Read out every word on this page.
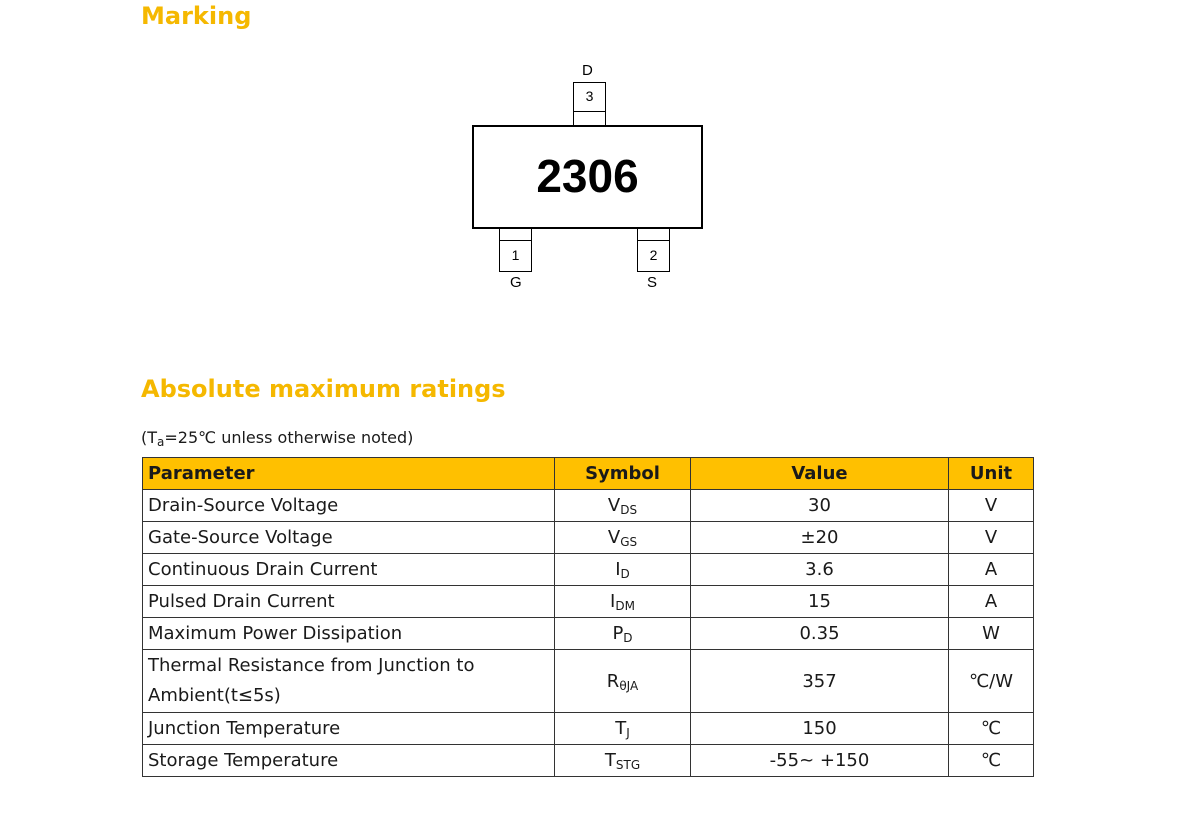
Marking
D
3
2306
1
G
2
S
Absolute maximum ratings
($T_a=25℃$ unless otherwise noted)
Parameter	Symbol	Value	Unit
Drain-Source Voltage	$V_{DS}$	30	V
Gate-Source Voltage	$V_{GS}$	±20	V
Continuous Drain Current	$I_D$	3.6	A
Pulsed Drain Current	$I_{DM}$	15	A
Maximum Power Dissipation	$P_D$	0.35	W

Thermal Resistance from Junction to
Ambient(t≤5s)	$R_{\theta JA}$	357	℃/W
Junction Temperature	$T_J$	150	℃
Storage Temperature	$T_{STG}$	-55~ +150	℃
